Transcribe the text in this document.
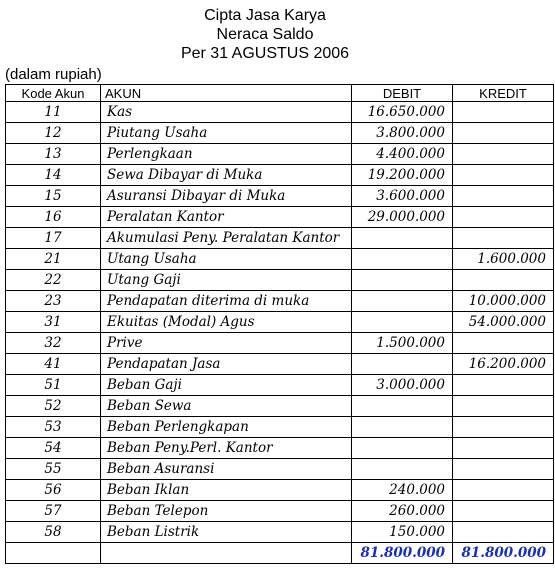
Cipta Jasa Karya
Neraca Saldo
Per 31 AGUSTUS 2006
(dalam rupiah)
Kode Akun	AKUN	DEBIT	KREDIT
11	Kas	16.650.000	
12	Piutang Usaha	3.800.000	
13	Perlengkaan	4.400.000	
14	Sewa Dibayar di Muka	19.200.000	
15	Asuransi Dibayar di Muka	3.600.000	
16	Peralatan Kantor	29.000.000	
17	Akumulasi Peny. Peralatan Kantor		
21	Utang Usaha		1.600.000
22	Utang Gaji		
23	Pendapatan diterima di muka		10.000.000
31	Ekuitas (Modal) Agus		54.000.000
32	Prive	1.500.000	
41	Pendapatan Jasa		16.200.000
51	Beban Gaji	3.000.000	
52	Beban Sewa		
53	Beban Perlengkapan		
54	Beban Peny.Perl. Kantor		
55	Beban Asuransi		
56	Beban Iklan	240.000	
57	Beban Telepon	260.000	
58	Beban Listrik	150.000	
		81.800.000	81.800.000
